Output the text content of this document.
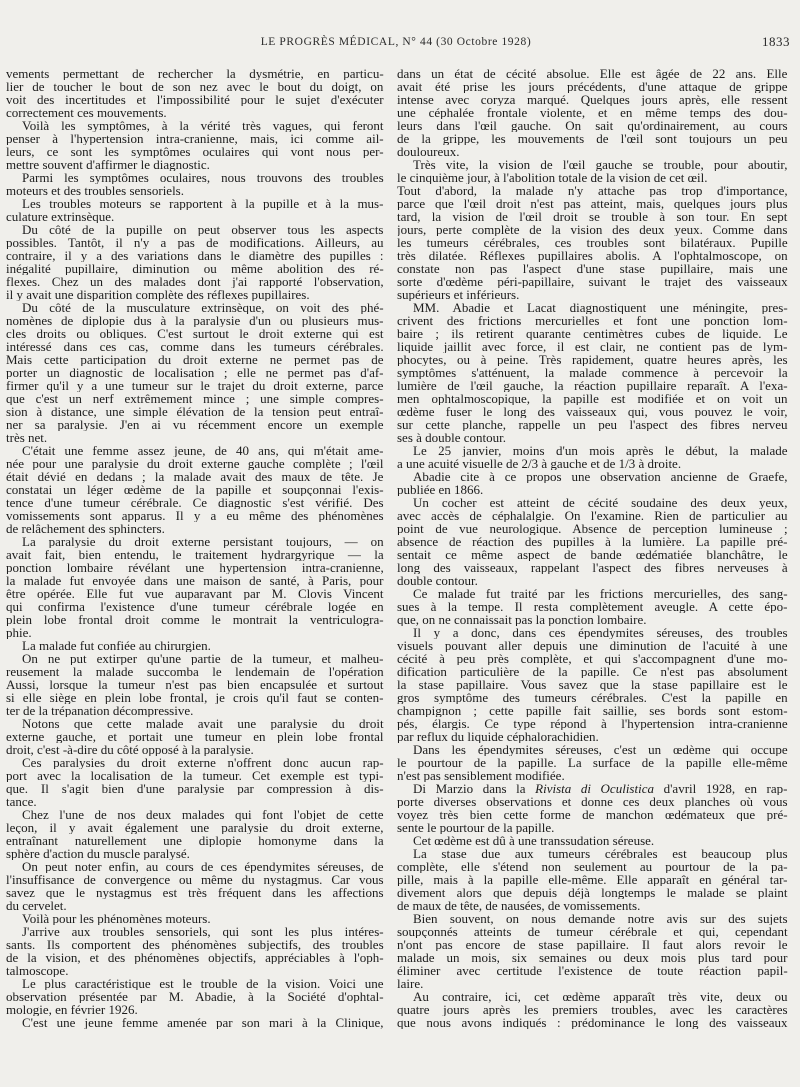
LE PROGRÈS MÉDICAL, N° 44 (30 Octobre 1928)	1833
vements permettant de rechercher la dysmétrie, en particu-
lier de toucher le bout de son nez avec le bout du doigt, on
voit des incertitudes et l'impossibilité pour le sujet d'exécuter
correctement ces mouvements.
Voilà les symptômes, à la vérité très vagues, qui feront
penser à l'hypertension intra-cranienne, mais, ici comme ail-
leurs, ce sont les symptômes oculaires qui vont nous per-
mettre souvent d'affirmer le diagnostic.
Parmi les symptômes oculaires, nous trouvons des troubles
moteurs et des troubles sensoriels.
Les troubles moteurs se rapportent à la pupille et à la mus-
culature extrinsèque.
Du côté de la pupille on peut observer tous les aspects
possibles. Tantôt, il n'y a pas de modifications. Ailleurs, au
contraire, il y a des variations dans le diamètre des pupilles :
inégalité pupillaire, diminution ou même abolition des ré-
flexes. Chez un des malades dont j'ai rapporté l'observation,
il y avait une disparition complète des réflexes pupillaires.
Du côté de la musculature extrinsèque, on voit des phé-
nomènes de diplopie dus à la paralysie d'un ou plusieurs mus-
cles droits ou obliques. C'est surtout le droit externe qui est
intéressé dans ces cas, comme dans les tumeurs cérébrales.
Mais cette participation du droit externe ne permet pas de
porter un diagnostic de localisation ; elle ne permet pas d'af-
firmer qu'il y a une tumeur sur le trajet du droit externe, parce
que c'est un nerf extrêmement mince ; une simple compres-
sion à distance, une simple élévation de la tension peut entraî-
ner sa paralysie. J'en ai vu récemment encore un exemple
très net.
C'était une femme assez jeune, de 40 ans, qui m'était ame-
née pour une paralysie du droit externe gauche complète ; l'œil
était dévié en dedans ; la malade avait des maux de tête. Je
constatai un léger œdème de la papille et soupçonnai l'exis-
tence d'une tumeur cérébrale. Ce diagnostic s'est vérifié. Des
vomissements sont apparus. Il y a eu même des phénomènes
de relâchement des sphincters.
La paralysie du droit externe persistant toujours, — on
avait fait, bien entendu, le traitement hydrargyrique — la
ponction lombaire révélant une hypertension intra-cranienne,
la malade fut envoyée dans une maison de santé, à Paris, pour
être opérée. Elle fut vue auparavant par M. Clovis Vincent
qui confirma l'existence d'une tumeur cérébrale logée en
plein lobe frontal droit comme le montrait la ventriculogra-
phie.
La malade fut confiée au chirurgien.
On ne put extirper qu'une partie de la tumeur, et malheu-
reusement la malade succomba le lendemain de l'opération
Aussi, lorsque la tumeur n'est pas bien encapsulée et surtout
si elle siège en plein lobe frontal, je crois qu'il faut se conten-
ter de la trépanation décompressive.
Notons que cette malade avait une paralysie du droit
externe gauche, et portait une tumeur en plein lobe frontal
droit, c'est -à-dire du côté opposé à la paralysie.
Ces paralysies du droit externe n'offrent donc aucun rap-
port avec la localisation de la tumeur. Cet exemple est typi-
que. Il s'agit bien d'une paralysie par compression à dis-
tance.
Chez l'une de nos deux malades qui font l'objet de cette
leçon, il y avait également une paralysie du droit externe,
entraînant naturellement une diplopie homonyme dans la
sphère d'action du muscle paralysé.
On peut noter enfin, au cours de ces épendymites séreuses, de
l'insuffisance de convergence ou même du nystagmus. Car vous
savez que le nystagmus est très fréquent dans les affections
du cervelet.
Voilà pour les phénomènes moteurs.
J'arrive aux troubles sensoriels, qui sont les plus intéres-
sants. Ils comportent des phénomènes subjectifs, des troubles
de la vision, et des phénomènes objectifs, appréciables à l'oph-
talmoscope.
Le plus caractéristique est le trouble de la vision. Voici une
observation présentée par M. Abadie, à la Société d'ophtal-
mologie, en février 1926.
C'est une jeune femme amenée par son mari à la Clinique,
dans un état de cécité absolue. Elle est âgée de 22 ans. Elle
avait été prise les jours précédents, d'une attaque de grippe
intense avec coryza marqué. Quelques jours après, elle ressent
une céphalée frontale violente, et en même temps des dou-
leurs dans l'œil gauche. On sait qu'ordinairement, au cours
de la grippe, les mouvements de l'œil sont toujours un peu
douloureux.
Très vite, la vision de l'œil gauche se trouble, pour aboutir,
le cinquième jour, à l'abolition totale de la vision de cet œil.
Tout d'abord, la malade n'y attache pas trop d'importance,
parce que l'œil droit n'est pas atteint, mais, quelques jours plus
tard, la vision de l'œil droit se trouble à son tour. En sept
jours, perte complète de la vision des deux yeux. Comme dans
les tumeurs cérébrales, ces troubles sont bilatéraux. Pupille
très dilatée. Réflexes pupillaires abolis. A l'ophtalmoscope, on
constate non pas l'aspect d'une stase pupillaire, mais une
sorte d'œdème péri-papillaire, suivant le trajet des vaisseaux
supérieurs et inférieurs.
MM. Abadie et Lacat diagnostiquent une méningite, pres-
crivent des frictions mercurielles et font une ponction lom-
baire ; ils retirent quarante centimètres cubes de liquide. Le
liquide jaillit avec force, il est clair, ne contient pas de lym-
phocytes, ou à peine. Très rapidement, quatre heures après, les
symptômes s'atténuent, la malade commence à percevoir la
lumière de l'œil gauche, la réaction pupillaire reparaît. A l'exa-
men ophtalmoscopique, la papille est modifiée et on voit un
œdème fuser le long des vaisseaux qui, vous pouvez le voir,
sur cette planche, rappelle un peu l'aspect des fibres nerveu
ses à double contour.
Le 25 janvier, moins d'un mois après le début, la malade
a une acuité visuelle de 2/3 à gauche et de 1/3 à droite.
Abadie cite à ce propos une observation ancienne de Graefe,
publiée en 1866.
Un cocher est atteint de cécité soudaine des deux yeux,
avec accès de céphalalgie. On l'examine. Rien de particulier au
point de vue neurologique. Absence de perception lumineuse ;
absence de réaction des pupilles à la lumière. La papille pré-
sentait ce même aspect de bande œdématiée blanchâtre, le
long des vaisseaux, rappelant l'aspect des fibres nerveuses à
double contour.
Ce malade fut traité par les frictions mercurielles, des sang-
sues à la tempe. Il resta complètement aveugle. A cette épo-
que, on ne connaissait pas la ponction lombaire.
Il y a donc, dans ces épendymites séreuses, des troubles
visuels pouvant aller depuis une diminution de l'acuité à une
cécité à peu près complète, et qui s'accompagnent d'une mo-
dification particulière de la papille. Ce n'est pas absolument
la stase papillaire. Vous savez que la stase papillaire est le
gros symptôme des tumeurs cérébrales. C'est la papille en
champignon ; cette papille fait saillie, ses bords sont estom-
pés, élargis. Ce type répond à l'hypertension intra-cranienne
par reflux du liquide céphalorachidien.
Dans les épendymites séreuses, c'est un œdème qui occupe
le pourtour de la papille. La surface de la papille elle-même
n'est pas sensiblement modifiée.
Di Marzio dans la Rivista di Oculistica d'avril 1928, en rap-
porte diverses observations et donne ces deux planches où vous
voyez très bien cette forme de manchon œdémateux que pré-
sente le pourtour de la papille.
Cet œdème est dû à une transsudation séreuse.
La stase due aux tumeurs cérébrales est beaucoup plus
complète, elle s'étend non seulement au pourtour de la pa-
pille, mais à la papille elle-même. Elle apparaît en général tar-
divement alors que depuis déjà longtemps le malade se plaint
de maux de tête, de nausées, de vomissements.
Bien souvent, on nous demande notre avis sur des sujets
soupçonnés atteints de tumeur cérébrale et qui, cependant
n'ont pas encore de stase papillaire. Il faut alors revoir le
malade un mois, six semaines ou deux mois plus tard pour
éliminer avec certitude l'existence de toute réaction papil-
laire.
Au contraire, ici, cet œdème apparaît très vite, deux ou
quatre jours après les premiers troubles, avec les caractères
que nous avons indiqués : prédominance le long des vaisseaux
